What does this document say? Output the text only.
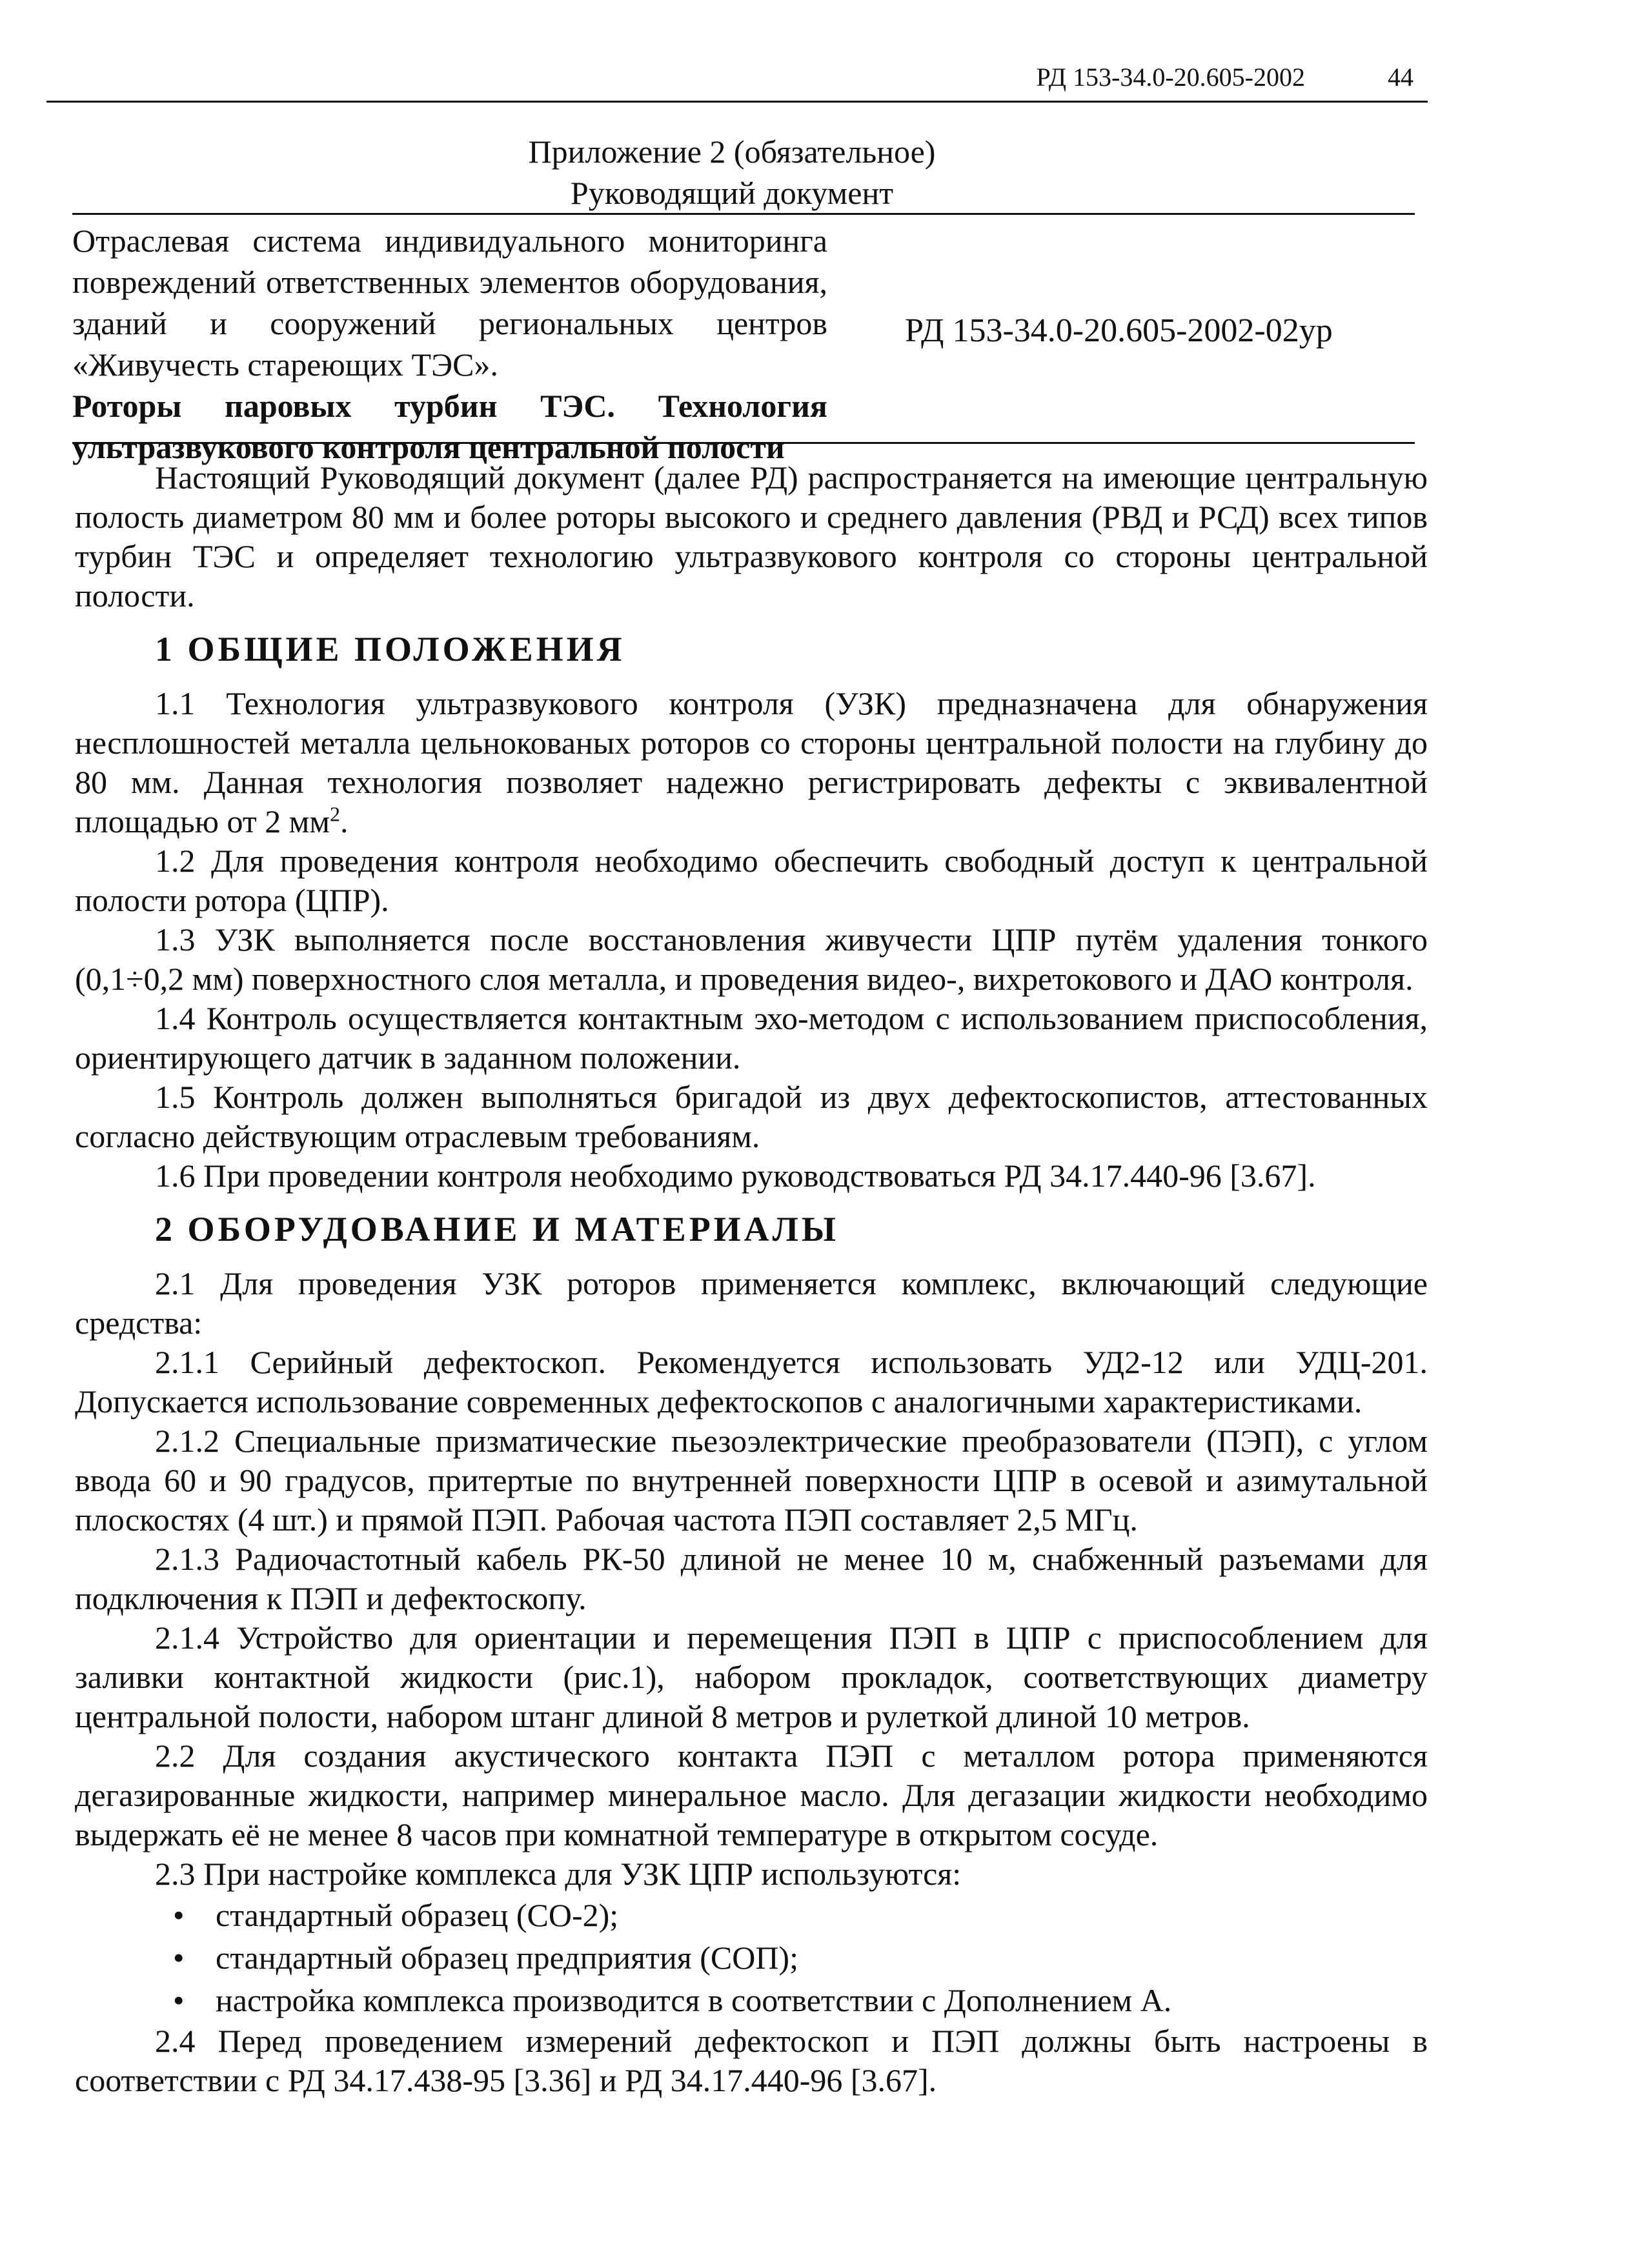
РД 153-34.0-20.605-2002	44
Приложение 2 (обязательное)
Руководящий документ

Отраслевая система индивидуального мониторинга повреждений ответственных элементов оборудования, зданий и сооружений региональных центров «Живучесть стареющих ТЭС».

Роторы паровых турбин ТЭС. Технология ультразвукового контроля центральной полости

РД 153-34.0-20.605-2002-02ур

Настоящий Руководящий документ (далее РД) распространяется на имеющие центральную полость диаметром 80 мм и более роторы высокого и среднего давления (РВД и РСД) всех типов турбин ТЭС и определяет технологию ультразвукового контроля со стороны центральной полости.

1 ОБЩИЕ ПОЛОЖЕНИЯ

1.1 Технология ультразвукового контроля (УЗК) предназначена для обнаружения несплошностей металла цельнокованых роторов со стороны центральной полости на глубину до 80 мм. Данная технология позволяет надежно регистрировать дефекты с эквивалентной площадью от 2 $мм^2$.

1.2 Для проведения контроля необходимо обеспечить свободный доступ к центральной полости ротора (ЦПР).

1.3 УЗК выполняется после восстановления живучести ЦПР путём удаления тонкого (0,1÷0,2 мм) поверхностного слоя металла, и проведения видео-, вихретокового и ДАО контроля.

1.4 Контроль осуществляется контактным эхо-методом с использованием приспособления, ориентирующего датчик в заданном положении.

1.5 Контроль должен выполняться бригадой из двух дефектоскопистов, аттестованных согласно действующим отраслевым требованиям.

1.6 При проведении контроля необходимо руководствоваться РД 34.17.440-96 [3.67].

2 ОБОРУДОВАНИЕ И МАТЕРИАЛЫ

2.1 Для проведения УЗК роторов применяется комплекс, включающий следующие средства:

2.1.1 Серийный дефектоскоп. Рекомендуется использовать УД2-12 или УДЦ-201. Допускается использование современных дефектоскопов с аналогичными характеристиками.

2.1.2 Специальные призматические пьезоэлектрические преобразователи (ПЭП), с углом ввода 60 и 90 градусов, притертые по внутренней поверхности ЦПР в осевой и азимутальной плоскостях (4 шт.) и прямой ПЭП. Рабочая частота ПЭП составляет 2,5 МГц.

2.1.3 Радиочастотный кабель РК-50 длиной не менее 10 м, снабженный разъемами для подключения к ПЭП и дефектоскопу.

2.1.4 Устройство для ориентации и перемещения ПЭП в ЦПР с приспособлением для заливки контактной жидкости (рис.1), набором прокладок, соответствующих диаметру центральной полости, набором штанг длиной 8 метров и рулеткой длиной 10 метров.

2.2 Для создания акустического контакта ПЭП с металлом ротора применяются дегазированные жидкости, например минеральное масло. Для дегазации жидкости необходимо выдержать её не менее 8 часов при комнатной температуре в открытом сосуде.

2.3 При настройке комплекса для УЗК ЦПР используются:

• стандартный образец (СО-2);
• стандартный образец предприятия (СОП);
• настройка комплекса производится в соответствии с Дополнением А.

2.4 Перед проведением измерений дефектоскоп и ПЭП должны быть настроены в соответствии с РД 34.17.438-95 [3.36] и РД 34.17.440-96 [3.67].
